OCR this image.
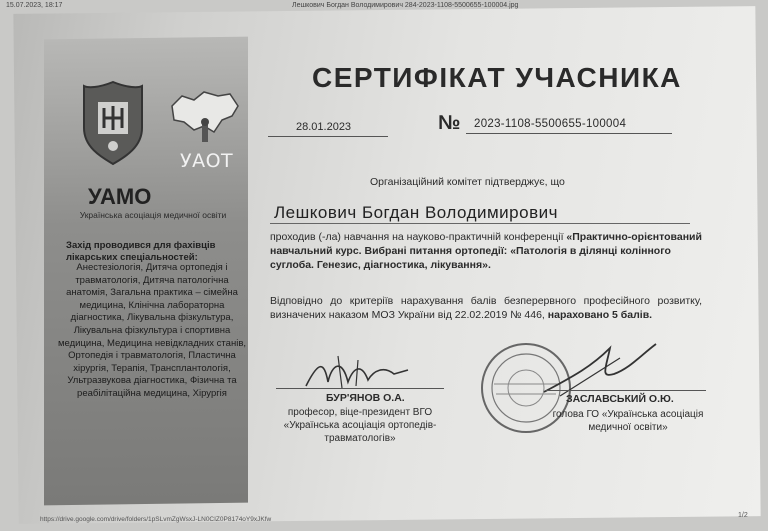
15.07.2023, 18:17	Лешкович Богдан Володимирович 284-2023-1108-5500655-100004.jpg
УАОТ
УАМО
Українська асоціація медичної освіти
Захід проводився для фахівців лікарських спеціальностей:
Анестезіологія, Дитяча ортопедія і травматологія, Дитяча патологічна анатомія, Загальна практика – сімейна медицина, Клінічна лабораторна діагностика, Лікувальна фізкультура, Лікувальна фізкультура і спортивна медицина, Медицина невідкладних станів, Ортопедія і травматологія, Пластична хірургія, Терапія, Трансплантологія, Ультразвукова діагностика, Фізична та реабілітаційна медицина, Хірургія
СЕРТИФІКАТ УЧАСНИКА
28.01.2023	№ 2023-1108-5500655-100004
Організаційний комітет підтверджує, що
Лешкович Богдан Володимирович
проходив (-ла) навчання на науково-практичній конференції «Практично-орієнтований навчальний курс. Вибрані питання ортопедії: «Патологія в ділянці колінного суглоба. Генезис, діагностика, лікування».
Відповідно до критеріїв нарахування балів безперервного професійного розвитку, визначених наказом МОЗ України від 22.02.2019 № 446, нараховано 5 балів.
БУР'ЯНОВ О.А.
професор, віце-президент ВГО «Українська асоціація ортопедів-травматологів»
ЗАСЛАВСЬКИЙ О.Ю.
голова ГО «Українська асоціація медичної освіти»
https://drive.google.com/drive/folders/1pSLvmZgWsxJ-LN0CIZ0P8174oY9xJKfw
1/2
